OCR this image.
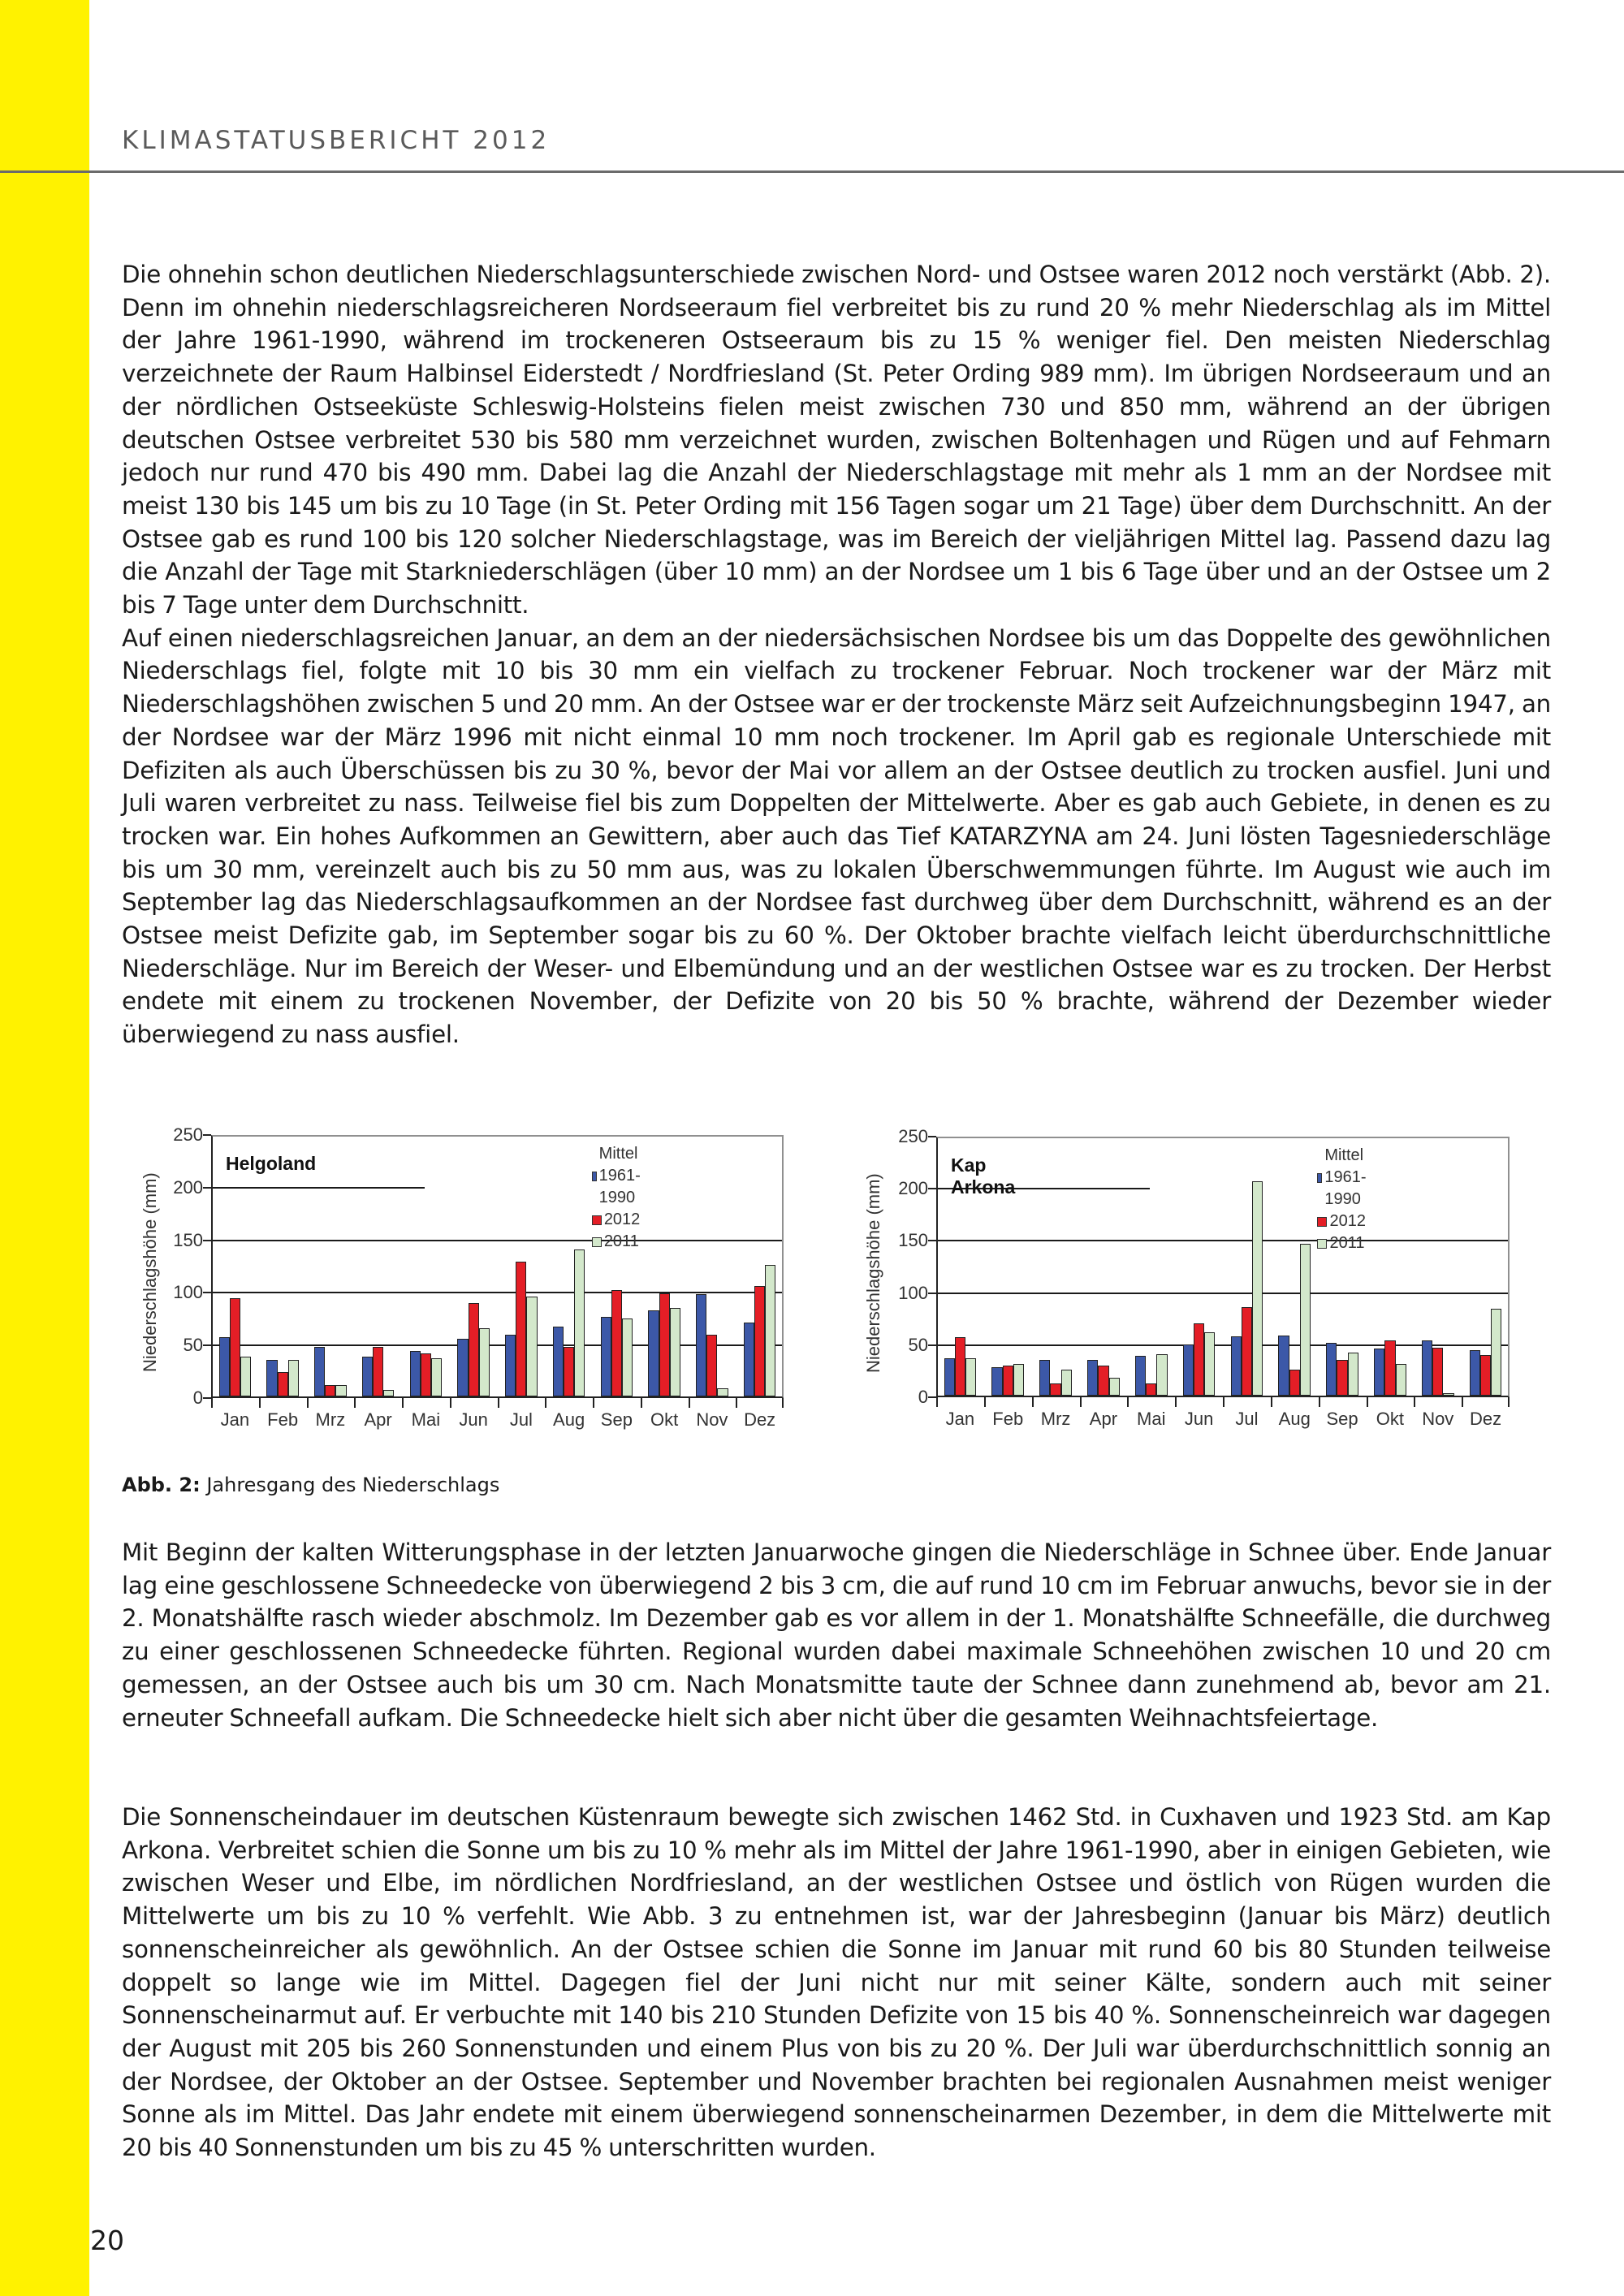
KLIMASTATUSBERICHT 2012

Die ohnehin schon deutlichen Niederschlagsunterschiede zwischen Nord- und Ostsee waren 2012 noch verstärkt (Abb. 2). Denn im ohnehin niederschlagsreicheren Nordseeraum fiel verbreitet bis zu rund 20 % mehr Niederschlag als im Mittel der Jahre 1961-1990, während im trockeneren Ostseeraum bis zu 15 % weniger fiel. Den meisten Niederschlag verzeichnete der Raum Halbinsel Eiderstedt / Nordfriesland (St. Peter Ording 989 mm). Im übrigen Nordseeraum und an der nördlichen Ostseeküste Schleswig-Holsteins fielen meist zwischen 730 und 850 mm, während an der übrigen deutschen Ostsee verbreitet 530 bis 580 mm verzeichnet wurden, zwischen Boltenhagen und Rügen und auf Fehmarn jedoch nur rund 470 bis 490 mm. Dabei lag die Anzahl der Niederschlagstage mit mehr als 1 mm an der Nordsee mit meist 130 bis 145 um bis zu 10 Tage (in St. Peter Ording mit 156 Tagen sogar um 21 Tage) über dem Durchschnitt. An der Ostsee gab es rund 100 bis 120 solcher Niederschlagstage, was im Bereich der vieljährigen Mittel lag. Passend dazu lag die Anzahl der Tage mit Starkniederschlägen (über 10 mm) an der Nordsee um 1 bis 6 Tage über und an der Ostsee um 2 bis 7 Tage unter dem Durchschnitt.

Auf einen niederschlagsreichen Januar, an dem an der niedersächsischen Nordsee bis um das Doppelte des gewöhnlichen Niederschlags fiel, folgte mit 10 bis 30 mm ein vielfach zu trockener Februar. Noch trockener war der März mit Niederschlagshöhen zwischen 5 und 20 mm. An der Ostsee war er der trockenste März seit Aufzeichnungsbeginn 1947, an der Nordsee war der März 1996 mit nicht einmal 10 mm noch trockener. Im April gab es regionale Unterschiede mit Defiziten als auch Überschüssen bis zu 30 %, bevor der Mai vor allem an der Ostsee deutlich zu trocken ausfiel. Juni und Juli waren verbreitet zu nass. Teilweise fiel bis zum Doppelten der Mittelwerte. Aber es gab auch Gebiete, in denen es zu trocken war. Ein hohes Aufkommen an Gewittern, aber auch das Tief KATARZYNA am 24. Juni lösten Tagesniederschläge bis um 30 mm, vereinzelt auch bis zu 50 mm aus, was zu lokalen Überschwemmungen führte. Im August wie auch im September lag das Niederschlagsaufkommen an der Nordsee fast durchweg über dem Durchschnitt, während es an der Ostsee meist Defizite gab, im September sogar bis zu 60 %. Der Oktober brachte vielfach leicht überdurchschnittliche Niederschläge. Nur im Bereich der Weser- und Elbemündung und an der westlichen Ostsee war es zu trocken. Der Herbst endete mit einem zu trockenen November, der Defizite von 20 bis 50 % brachte, während der Dezember wieder überwiegend zu nass ausfiel.

0
50
100
150
200
250
Niederschlagshöhe (mm)
Helgoland	Mittel 1961-1990
2012
2011
Jan	Feb Mrz	Apr	Mai	Jun	Jul	Aug Sep	Okt	Nov Dez
0
50
100
150
200
250
Niederschlagshöhe (mm)
Kap Arkona
Mittel 1961-1990
2012
2011
Jan	Feb Mrz	Apr	Mai	Jun	Jul	Aug Sep	Okt	Nov Dez
Abb. 2: Jahresgang des Niederschlags

Mit Beginn der kalten Witterungsphase in der letzten Januarwoche gingen die Niederschläge in Schnee über. Ende Januar lag eine geschlossene Schneedecke von überwiegend 2 bis 3 cm, die auf rund 10 cm im Februar anwuchs, bevor sie in der 2. Monatshälfte rasch wieder abschmolz. Im Dezember gab es vor allem in der 1. Monatshälfte Schneefälle, die durchweg zu einer geschlossenen Schneedecke führten. Regional wurden dabei maximale Schneehöhen zwischen 10 und 20 cm gemessen, an der Ostsee auch bis um 30 cm. Nach Monatsmitte taute der Schnee dann zunehmend ab, bevor am 21. erneuter Schneefall aufkam. Die Schneedecke hielt sich aber nicht über die gesamten Weihnachtsfeiertage.

Die Sonnenscheindauer im deutschen Küstenraum bewegte sich zwischen 1462 Std. in Cuxhaven und 1923 Std. am Kap Arkona. Verbreitet schien die Sonne um bis zu 10 % mehr als im Mittel der Jahre 1961-1990, aber in einigen Gebieten, wie zwischen Weser und Elbe, im nördlichen Nordfriesland, an der westlichen Ostsee und östlich von Rügen wurden die Mittelwerte um bis zu 10 % verfehlt. Wie Abb. 3 zu entnehmen ist, war der Jahresbeginn (Januar bis März) deutlich sonnenscheinreicher als gewöhnlich. An der Ostsee schien die Sonne im Januar mit rund 60 bis 80 Stunden teilweise doppelt so lange wie im Mittel. Dagegen fiel der Juni nicht nur mit seiner Kälte, sondern auch mit seiner Sonnenscheinarmut auf. Er verbuchte mit 140 bis 210 Stunden Defizite von 15 bis 40 %. Sonnenscheinreich war dagegen der August mit 205 bis 260 Sonnenstunden und einem Plus von bis zu 20 %. Der Juli war überdurchschnittlich sonnig an der Nordsee, der Oktober an der Ostsee. September und November brachten bei regionalen Ausnahmen meist weniger Sonne als im Mittel. Das Jahr endete mit einem überwiegend sonnenscheinarmen Dezember, in dem die Mittelwerte mit 20 bis 40 Sonnenstunden um bis zu 45 % unterschritten wurden.

20
